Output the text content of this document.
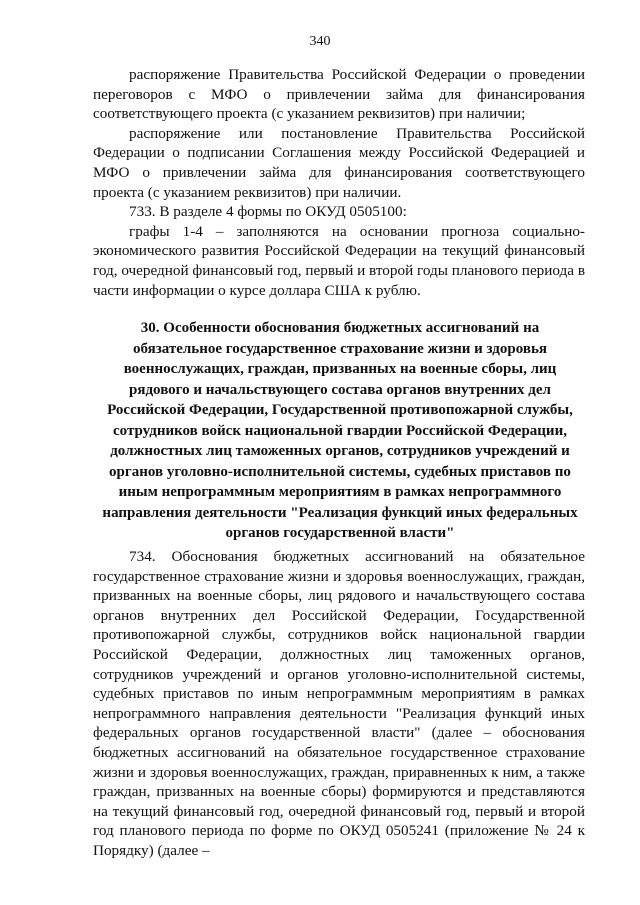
340

распоряжение Правительства Российской Федерации о проведении переговоров с МФО о привлечении займа для финансирования соответствующего проекта (с указанием реквизитов) при наличии;

распоряжение или постановление Правительства Российской Федерации о подписании Соглашения между Российской Федерацией и МФО о привлечении займа для финансирования соответствующего проекта (с указанием реквизитов) при наличии.

733. В разделе 4 формы по ОКУД 0505100:

графы 1-4 – заполняются на основании прогноза социально-экономического развития Российской Федерации на текущий финансовый год, очередной финансовый год, первый и второй годы планового периода в части информации о курсе доллара США к рублю.

30. Особенности обоснования бюджетных ассигнований на обязательное государственное страхование жизни и здоровья военнослужащих, граждан, призванных на военные сборы, лиц рядового и начальствующего состава органов внутренних дел Российской Федерации, Государственной противопожарной службы, сотрудников войск национальной гвардии Российской Федерации, должностных лиц таможенных органов, сотрудников учреждений и органов уголовно-исполнительной системы, судебных приставов по иным непрограммным мероприятиям в рамках непрограммного направления деятельности "Реализация функций иных федеральных органов государственной власти"

734. Обоснования бюджетных ассигнований на обязательное государственное страхование жизни и здоровья военнослужащих, граждан, призванных на военные сборы, лиц рядового и начальствующего состава органов внутренних дел Российской Федерации, Государственной противопожарной службы, сотрудников войск национальной гвардии Российской Федерации, должностных лиц таможенных органов, сотрудников учреждений и органов уголовно-исполнительной системы, судебных приставов по иным непрограммным мероприятиям в рамках непрограммного направления деятельности "Реализация функций иных федеральных органов государственной власти" (далее – обоснования бюджетных ассигнований на обязательное государственное страхование жизни и здоровья военнослужащих, граждан, приравненных к ним, а также граждан, призванных на военные сборы) формируются и представляются на текущий финансовый год, очередной финансовый год, первый и второй год планового периода по форме по ОКУД 0505241 (приложение № 24 к Порядку) (далее –
